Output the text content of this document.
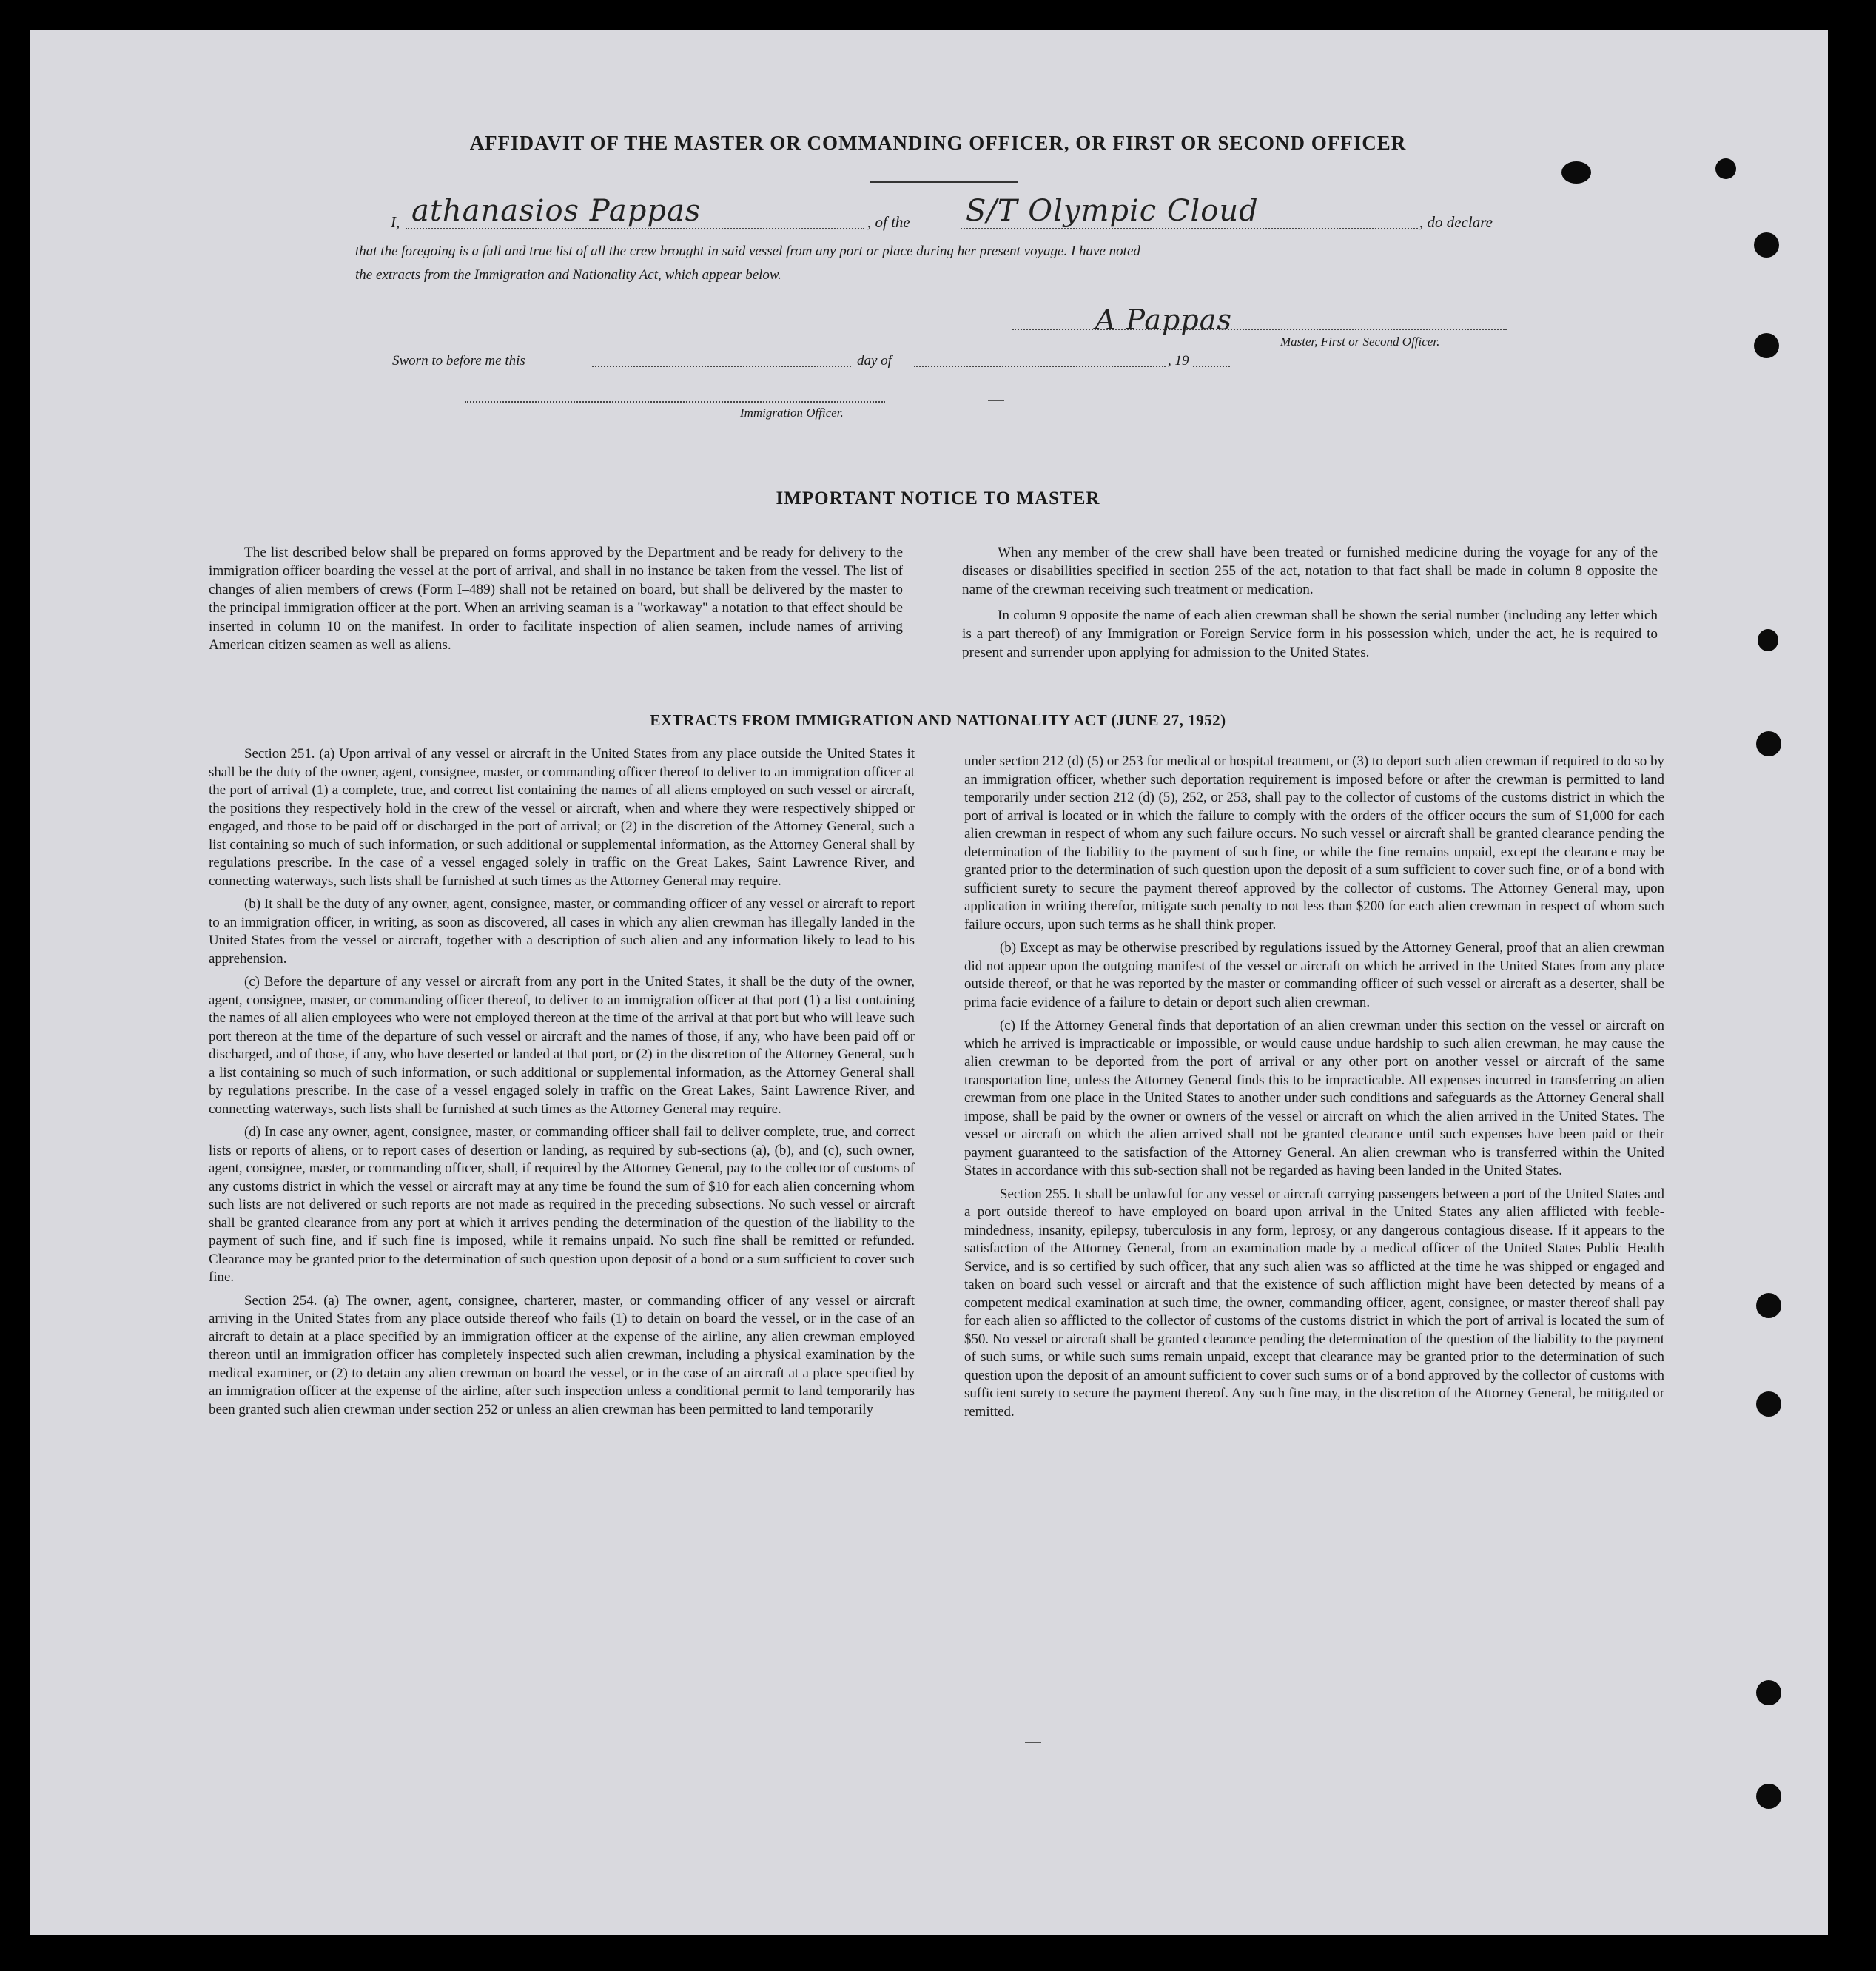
AFFIDAVIT OF THE MASTER OR COMMANDING OFFICER, OR FIRST OR SECOND OFFICER
I, athanasios Pappas	, of the S/T Olympic Cloud	, do declare
that the foregoing is a full and true list of all the crew brought in said vessel from any port or place during her present voyage. I have noted
the extracts from the Immigration and Nationality Act, which appear below.
A Pappas
Master, First or Second Officer.
Sworn to before me this	day of	, 19
Immigration Officer.
IMPORTANT NOTICE TO MASTER

The list described below shall be prepared on forms approved by the Department and be ready for delivery to the immigration officer boarding the vessel at the port of arrival, and shall in no instance be taken from the vessel. The list of changes of alien members of crews (Form I–489) shall not be retained on board, but shall be delivered by the master to the principal immigration officer at the port. When an arriving seaman is a "workaway" a notation to that effect should be inserted in column 10 on the manifest. In order to facilitate inspection of alien seamen, include names of arriving American citizen seamen as well as aliens.

When any member of the crew shall have been treated or furnished medicine during the voyage for any of the diseases or disabilities specified in section 255 of the act, notation to that fact shall be made in column 8 opposite the name of the crewman receiving such treatment or medication.

In column 9 opposite the name of each alien crewman shall be shown the serial number (including any letter which is a part thereof) of any Immigration or Foreign Service form in his possession which, under the act, he is required to present and surrender upon applying for admission to the United States.

EXTRACTS FROM IMMIGRATION AND NATIONALITY ACT (JUNE 27, 1952)

Section 251. (a) Upon arrival of any vessel or aircraft in the United States from any place outside the United States it shall be the duty of the owner, agent, consignee, master, or commanding officer thereof to deliver to an immigration officer at the port of arrival (1) a complete, true, and correct list containing the names of all aliens employed on such vessel or aircraft, the positions they respectively hold in the crew of the vessel or aircraft, when and where they were respectively shipped or engaged, and those to be paid off or discharged in the port of arrival; or (2) in the discretion of the Attorney General, such a list containing so much of such information, or such additional or supplemental information, as the Attorney General shall by regulations prescribe. In the case of a vessel engaged solely in traffic on the Great Lakes, Saint Lawrence River, and connecting waterways, such lists shall be furnished at such times as the Attorney General may require.

(b) It shall be the duty of any owner, agent, consignee, master, or commanding officer of any vessel or aircraft to report to an immigration officer, in writing, as soon as discovered, all cases in which any alien crewman has illegally landed in the United States from the vessel or aircraft, together with a description of such alien and any information likely to lead to his apprehension.

(c) Before the departure of any vessel or aircraft from any port in the United States, it shall be the duty of the owner, agent, consignee, master, or commanding officer thereof, to deliver to an immigration officer at that port (1) a list containing the names of all alien employees who were not employed thereon at the time of the arrival at that port but who will leave such port thereon at the time of the departure of such vessel or aircraft and the names of those, if any, who have been paid off or discharged, and of those, if any, who have deserted or landed at that port, or (2) in the discretion of the Attorney General, such a list containing so much of such information, or such additional or supplemental information, as the Attorney General shall by regulations prescribe. In the case of a vessel engaged solely in traffic on the Great Lakes, Saint Lawrence River, and connecting waterways, such lists shall be furnished at such times as the Attorney General may require.

(d) In case any owner, agent, consignee, master, or commanding officer shall fail to deliver complete, true, and correct lists or reports of aliens, or to report cases of desertion or landing, as required by sub-sections (a), (b), and (c), such owner, agent, consignee, master, or commanding officer, shall, if required by the Attorney General, pay to the collector of customs of any customs district in which the vessel or aircraft may at any time be found the sum of $10 for each alien concerning whom such lists are not delivered or such reports are not made as required in the preceding subsections. No such vessel or aircraft shall be granted clearance from any port at which it arrives pending the determination of the question of the liability to the payment of such fine, and if such fine is imposed, while it remains unpaid. No such fine shall be remitted or refunded. Clearance may be granted prior to the determination of such question upon deposit of a bond or a sum sufficient to cover such fine.

Section 254. (a) The owner, agent, consignee, charterer, master, or commanding officer of any vessel or aircraft arriving in the United States from any place outside thereof who fails (1) to detain on board the vessel, or in the case of an aircraft to detain at a place specified by an immigration officer at the expense of the airline, any alien crewman employed thereon until an immigration officer has completely inspected such alien crewman, including a physical examination by the medical examiner, or (2) to detain any alien crewman on board the vessel, or in the case of an aircraft at a place specified by an immigration officer at the expense of the airline, after such inspection unless a conditional permit to land temporarily has been granted such alien crewman under section 252 or unless an alien crewman has been permitted to land temporarily

under section 212 (d) (5) or 253 for medical or hospital treatment, or (3) to deport such alien crewman if required to do so by an immigration officer, whether such deportation requirement is imposed before or after the crewman is permitted to land temporarily under section 212 (d) (5), 252, or 253, shall pay to the collector of customs of the customs district in which the port of arrival is located or in which the failure to comply with the orders of the officer occurs the sum of $1,000 for each alien crewman in respect of whom any such failure occurs. No such vessel or aircraft shall be granted clearance pending the determination of the liability to the payment of such fine, or while the fine remains unpaid, except the clearance may be granted prior to the determination of such question upon the deposit of a sum sufficient to cover such fine, or of a bond with sufficient surety to secure the payment thereof approved by the collector of customs. The Attorney General may, upon application in writing therefor, mitigate such penalty to not less than $200 for each alien crewman in respect of whom such failure occurs, upon such terms as he shall think proper.

(b) Except as may be otherwise prescribed by regulations issued by the Attorney General, proof that an alien crewman did not appear upon the outgoing manifest of the vessel or aircraft on which he arrived in the United States from any place outside thereof, or that he was reported by the master or commanding officer of such vessel or aircraft as a deserter, shall be prima facie evidence of a failure to detain or deport such alien crewman.

(c) If the Attorney General finds that deportation of an alien crewman under this section on the vessel or aircraft on which he arrived is impracticable or impossible, or would cause undue hardship to such alien crewman, he may cause the alien crewman to be deported from the port of arrival or any other port on another vessel or aircraft of the same transportation line, unless the Attorney General finds this to be impracticable. All expenses incurred in transferring an alien crewman from one place in the United States to another under such conditions and safeguards as the Attorney General shall impose, shall be paid by the owner or owners of the vessel or aircraft on which the alien arrived in the United States. The vessel or aircraft on which the alien arrived shall not be granted clearance until such expenses have been paid or their payment guaranteed to the satisfaction of the Attorney General. An alien crewman who is transferred within the United States in accordance with this sub-section shall not be regarded as having been landed in the United States.

Section 255. It shall be unlawful for any vessel or aircraft carrying passengers between a port of the United States and a port outside thereof to have employed on board upon arrival in the United States any alien afflicted with feeble-mindedness, insanity, epilepsy, tuberculosis in any form, leprosy, or any dangerous contagious disease. If it appears to the satisfaction of the Attorney General, from an examination made by a medical officer of the United States Public Health Service, and is so certified by such officer, that any such alien was so afflicted at the time he was shipped or engaged and taken on board such vessel or aircraft and that the existence of such affliction might have been detected by means of a competent medical examination at such time, the owner, commanding officer, agent, consignee, or master thereof shall pay for each alien so afflicted to the collector of customs of the customs district in which the port of arrival is located the sum of $50. No vessel or aircraft shall be granted clearance pending the determination of the question of the liability to the payment of such sums, or while such sums remain unpaid, except that clearance may be granted prior to the determination of such question upon the deposit of an amount sufficient to cover such sums or of a bond approved by the collector of customs with sufficient surety to secure the payment thereof. Any such fine may, in the discretion of the Attorney General, be mitigated or remitted.
